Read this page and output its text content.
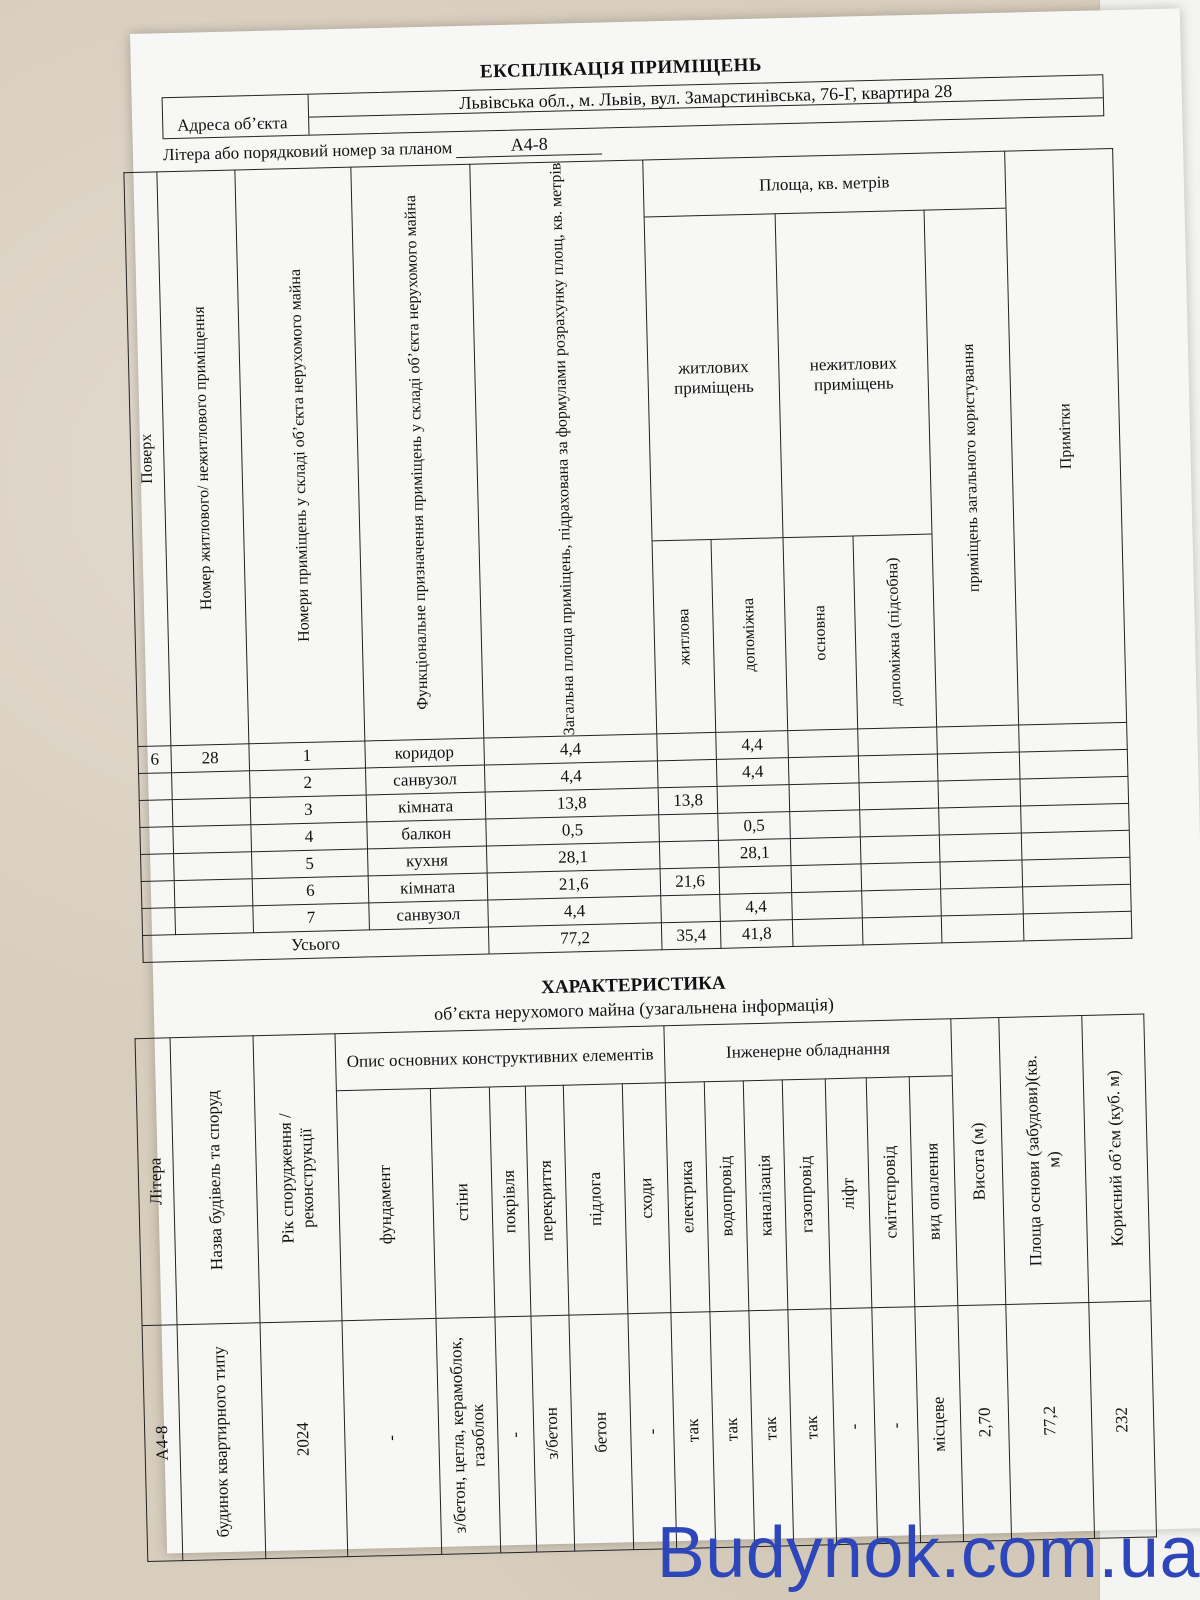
ЕКСПЛІКАЦІЯ ПРИМІЩЕНЬ
Адреса об’єкта
Львівська обл., м. Львів, вул. Замарстинівська, 76-Г, квартира 28
Літера або порядковий номер за планом	А4-8
Поверх	Номер житлового/ нежитлового приміщення	Номери приміщень у складі об’єкта нерухомого майна	Функціональне призначення приміщень у складі об’єкта нерухомого майна	Загальна площа приміщень, підрахована за формулами розрахунку площ, кв. метрів	Площа, кв. метрів					Примітки

					житлових приміщень		нежитлових приміщень		приміщень загального користування	

					житлова	допоміжна	основна	допоміжна (підсобна)		

6	28	1	коридор	4,4		4,4				
		2	санвузол	4,4		4,4				
		3	кімната	13,8	13,8					
		4	балкон	0,5		0,5				
		5	кухня	28,1		28,1				
		6	кімната	21,6	21,6					
		7	санвузол	4,4		4,4				
Усього				77,2	35,4	41,8				
ХАРАКТЕРИСТИКА
об’єкта нерухомого майна (узагальнена інформація)
Літера	Назва будівель та споруд	Рік спорудження / реконструкції	Опис основних конструктивних елементів						Інженерне обладнання							Висота (м)	Площа основи (забудови)(кв. м)	Корисний об’єм (куб. м)

			фундамент	стіни	покрівля	перекриття	підлога	сходи	електрика	водопровід	каналізація	газопровід	ліфт	сміттєпровід	вид опалення			

А4-8	будинок квартирного типу	2024	-	з/бетон, цегла, керамоблок, газоблок	-	з/бетон	бетон	-	так	так	так	так	-	-	місцеве	2,70	77,2	232
Budynok.com.ua
